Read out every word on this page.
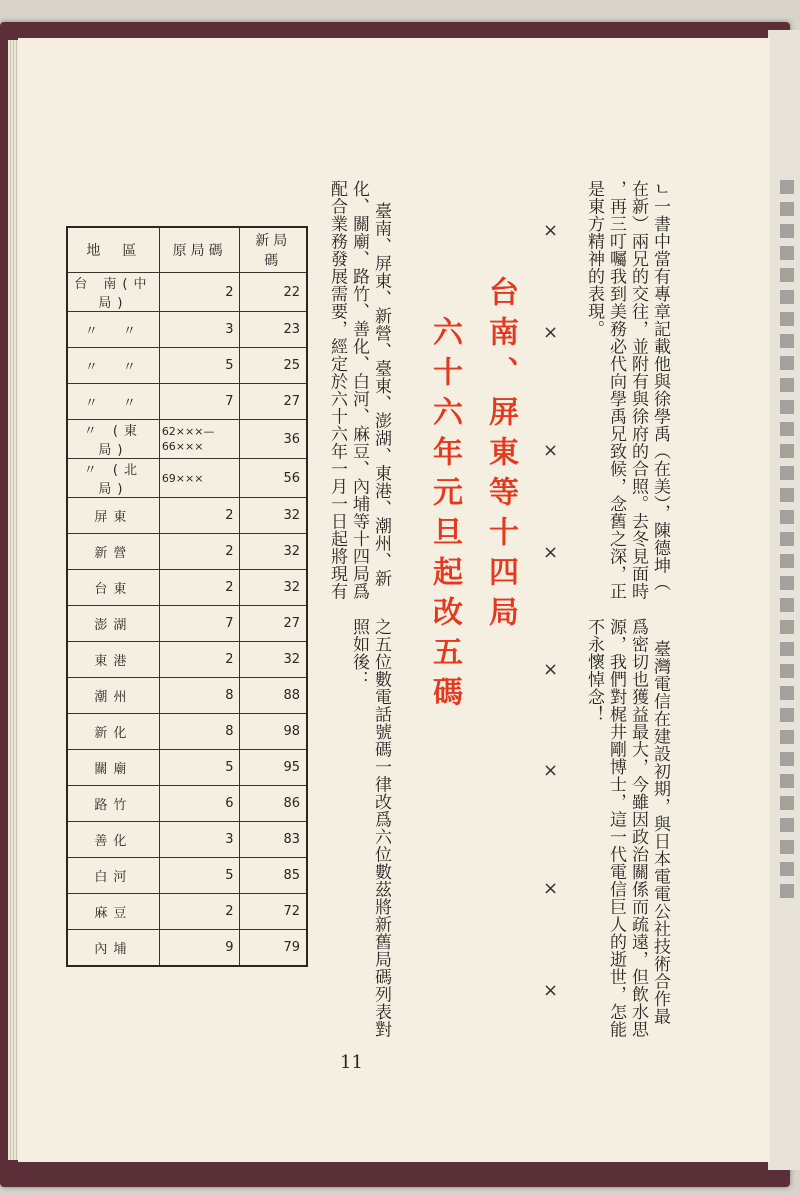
ㄴ一書中當有專章記載他與徐學禹（在美），陳德坤（
在新）兩兄的交往，並附有與徐府的合照。去冬見面時
，再三叮囑我到美務必代向學禹兄致候，念舊之深，正
是東方精神的表現。
臺灣電信在建設初期，與日本電電公社技術合作最
爲密切也獲益最大，今雖因政治關係而疏遠，但飲水思
源，我們對梶井剛博士，這一代電信巨人的逝世，怎能
不永懷悼念！
×
×
×
×
×
×
×
×
台南、屏東等十四局
六十六年元旦起改五碼
臺南、屏東、新營、臺東、澎湖、東港、潮州、新
化、關廟、路竹、善化、白河、麻豆、內埔等十四局爲
配合業務發展需要，經定於六十六年一月一日起將現有
之五位數電話號碼一律改爲六位數茲將新舊局碼列表對
照如後：
地　區	原局碼	新局碼
台 南(中局)	2	22
〃　〃	3	23
〃　〃	5	25
〃　〃	7	27
〃 (東局)	62×××—
66×××	36
〃 (北局)	69×××	56
屏東	2	32
新營	2	32
台東	2	32
澎湖	7	27
東港	2	32
潮州	8	88
新化	8	98
關廟	5	95
路竹	6	86
善化	3	83
白河	5	85
麻豆	2	72
內埔	9	79
11
